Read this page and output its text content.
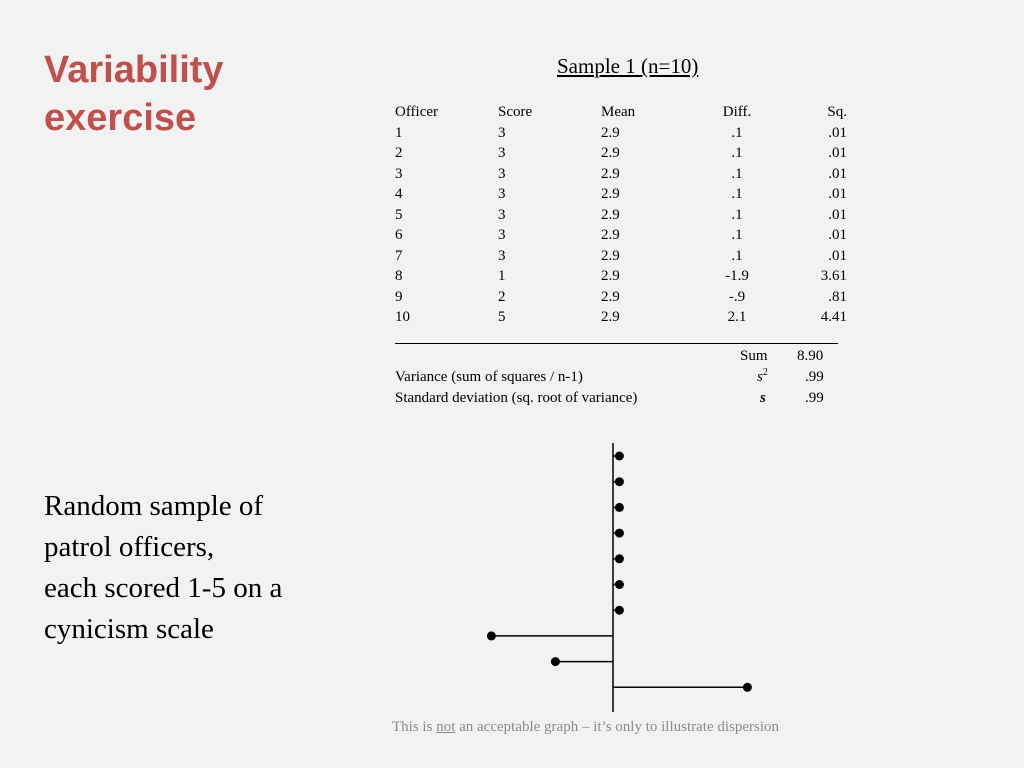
Variability
exercise
Random sample of
patrol officers,
each scored 1-5 on a
cynicism scale
Sample 1 (n=10)
Officer	Score	Mean	Diff.	Sq.
1	3	2.9	.1	.01
2	3	2.9	.1	.01
3	3	2.9	.1	.01
4	3	2.9	.1	.01
5	3	2.9	.1	.01
6	3	2.9	.1	.01
7	3	2.9	.1	.01
8	1	2.9	-1.9	3.61
9	2	2.9	-.9	.81
10	5	2.9	2.1	4.41
Sum 8.90
Variance (sum of squares / n-1)	$s^2$ .99
Standard deviation (sq. root of variance)	s	.99
This is not an acceptable graph – it’s only to illustrate dispersion
